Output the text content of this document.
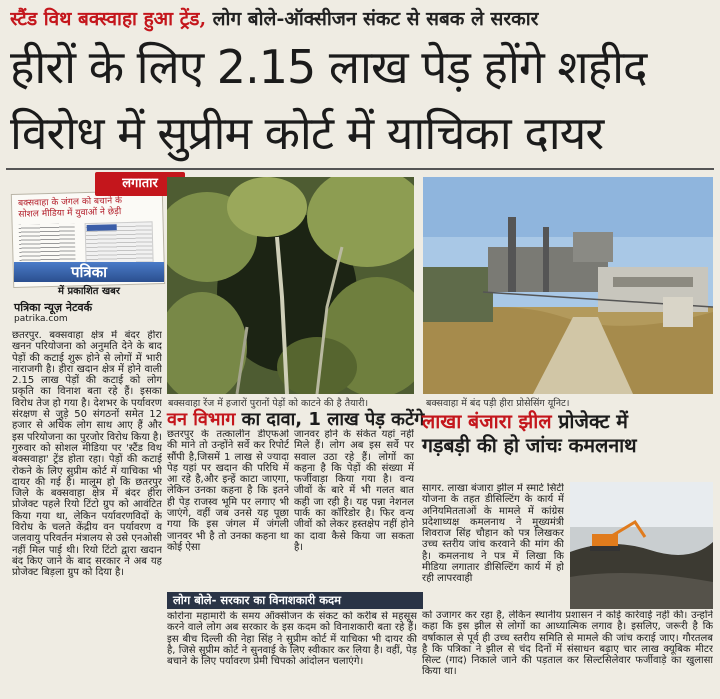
स्टैंड विथ बक्स्वाहा हुआ ट्रेंड, लोग बोले-ऑक्सीजन संकट से सबक ले सरकार
हीरों के लिए 2.15 लाख पेड़ होंगे शहीद
विरोध में सुप्रीम कोर्ट में याचिका दायर
बक्सवाहा के जंगल को बचाने के
सोशल मीडिया में युवाओं ने छेड़ी
लगातार
पत्रिका
में प्रकाशित खबर
पत्रिका न्यूज़ नेटवर्क
patrika.com
छतरपुर. बक्सवाहा क्षेत्र में बंदर हीरा खनन परियोजना को अनुमति देने के बाद पेड़ों की कटाई शुरू होने से लोगों में भारी नाराजगी है। हीरा खदान क्षेत्र में होने वाली 2.15 लाख पेड़ों की कटाई को लोग प्रकृति का विनाश बता रहे हैं। इसका विरोध तेज हो गया है। देशभर के पर्यावरण संरक्षण से जुड़े 50 संगठनों समेत 12 हजार से अधिक लोग साथ आए हैं और इस परियोजना का पुरजोर विरोध किया है। गुरुवार को सोशल मीडिया पर 'स्टैंड विथ बक्सवाहा' ट्रेंड होता रहा। पेड़ों की कटाई रोकने के लिए सुप्रीम कोर्ट में याचिका भी दायर की गई है। मालूम हो कि छतरपुर जिले के बक्सवाहा क्षेत्र में बंदर हीरा प्रोजेक्ट पहले रियो टिंटो ग्रुप को आवंटित किया गया था, लेकिन पर्यावरणविदों के विरोध के चलते केंद्रीय वन पर्यावरण व जलवायु परिवर्तन मंत्रालय से उसे एनओसी नहीं मिल पाई थी। रियो टिंटो द्वारा खदान बंद किए जाने के बाद सरकार ने अब यह प्रोजेक्ट बिड़ला ग्रुप को दिया है।
बक्सवाहा रेंज में हजारों पुरानों पेड़ों को काटने की है तैयारी।	बक्सवाहा में बंद पड़ी हीरा प्रोसेसिंग यूनिट।
वन विभाग का दावा, 1 लाख पेड़ कटेंगे
छतरपुर के तत्कालीन डीएफओ की माने तो उन्होंने सर्वे कर रिपोर्ट सौंपी है,जिसमें 1 लाख से ज्यादा पेड़ यहां पर खदान की परिधि में आ रहे है,और इन्हें काटा जाएगा, लेकिन उनका कहना है कि इतने ही पेड़ राजस्व भूमि पर लगाए भी जाएंगे, वहीं जब उनसे यह पूछा गया कि इस जंगल में जंगली जानवर भी है तो उनका कहना था कोई ऐसा
जानवर होने के संकेत यहां नहीं मिले हैं। लोग अब इस सर्वे पर सवाल उठा रहे हैं। लोगों का कहना है कि पेड़ों की संख्या में फर्जीवाड़ा किया गया है। वन्य जीवों के बारे में भी गलत बात कही जा रही है। यह पन्ना नेशनल पार्क का कॉरिडोर है। फिर वन्य जीवों को लेकर हस्तक्षेप नहीं होने का दावा कैसे किया जा सकता है।
लाखा बंजारा झील प्रोजेक्ट में
गड़बड़ी की हो जांचः कमलनाथ
सागर. लाखा बंजारा झील में स्मार्ट सिटी योजना के तहत डीसिल्टिंग के कार्य में अनियमितताओं के मामले में कांग्रेस प्रदेशाध्यक्ष कमलनाथ ने मुख्यमंत्री शिवराज सिंह चौहान को पत्र लिखकर उच्च स्तरीय जांच करवाने की मांग की है। कमलनाथ ने पत्र में लिखा कि मीडिया लगातार डीसिल्टिंग कार्य में हो रही लापरवाही
को उजागर कर रहा है, लेकिन स्थानीय प्रशासन ने कोई कार्रवाई नहीं की। उन्होंने कहा कि इस झील से लोगों का आध्यात्मिक लगाव है। इसलिए, जरूरी है कि वर्षाकाल से पूर्व ही उच्च स्तरीय समिति से मामले की जांच कराई जाए। गौरतलब है कि पत्रिका ने झील से चंद दिनों में संसाधन बढ़ाए चार लाख क्यूबिक मीटर सिल्ट (गाद) निकाले जाने की पड़ताल कर सिल्टसिलेवार फर्जीवाड़े का खुलासा किया था।
लोग बोले- सरकार का विनाशकारी कदम
कोरोना महामारी के समय ऑक्सीजन के संकट को करीब से महसूस करने वाले लोग अब सरकार के इस कदम को विनाशकारी बता रहे हैं। इस बीच दिल्ली की नेहा सिंह ने सुप्रीम कोर्ट में याचिका भी दायर की है, जिसे सुप्रीम कोर्ट ने सुनवाई के लिए स्वीकार कर लिया है। वहीं, पेड़ बचाने के लिए पर्यावरण प्रेमी चिपको आंदोलन चलाएंगे।
